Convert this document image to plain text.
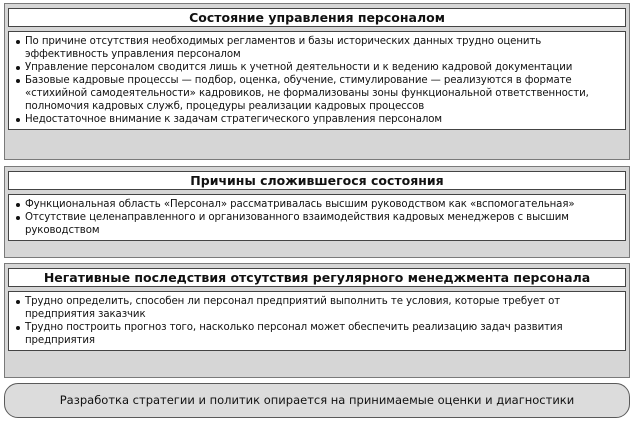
Состояние управления персоналом
По причине отсутствия необходимых регламентов и базы исторических данных трудно оценить эффективность управления персоналом
Управление персоналом сводится лишь к учетной деятельности и к ведению кадровой документации
Базовые кадровые процессы — подбор, оценка, обучение, стимулирование — реализуются в формате «стихийной самодеятельности» кадровиков, не формализованы зоны функциональной ответственности, полномочия кадровых служб, процедуры реализации кадровых процессов
Недостаточное внимание к задачам стратегического управления персоналом
Причины сложившегося состояния
Функциональная область «Персонал» рассматривалась высшим руководством как «вспомогательная»
Отсутствие целенаправленного и организованного взаимодействия кадровых менеджеров с высшим руководством
Негативные последствия отсутствия регулярного менеджмента персонала
Трудно определить, способен ли персонал предприятий выполнить те условия, которые требует от предприятия заказчик
Трудно построить прогноз того, насколько персонал может обеспечить реализацию задач развития предприятия
Разработка стратегии и политик опирается на принимаемые оценки и диагностики
